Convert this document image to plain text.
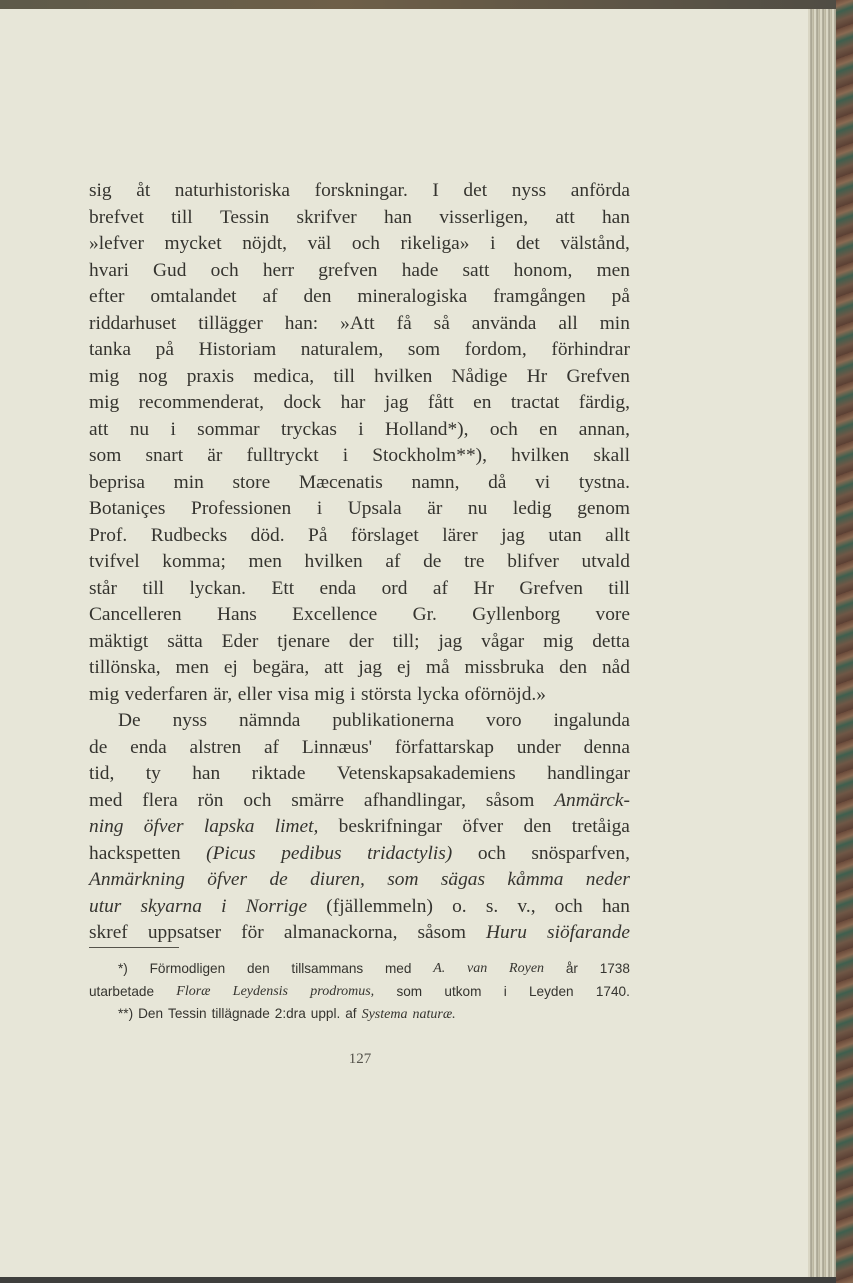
sig åt naturhistoriska forskningar. I det nyss anförda
brefvet till Tessin skrifver han visserligen, att han
»lefver mycket nöjdt, väl och rikeliga» i det välstånd,
hvari Gud och herr grefven hade satt honom, men
efter omtalandet af den mineralogiska framgången på
riddarhuset tillägger han: »Att få så använda all min
tanka på Historiam naturalem, som fordom, förhindrar
mig nog praxis medica, till hvilken Nådige Hr Grefven
mig recommenderat, dock har jag fått en tractat färdig,
att nu i sommar tryckas i Holland*), och en annan,
som snart är fulltryckt i Stockholm**), hvilken skall
beprisa min store Mæcenatis namn, då vi tystna.
Botaniçes Professionen i Upsala är nu ledig genom
Prof. Rudbecks död. På förslaget lärer jag utan allt
tvifvel komma; men hvilken af de tre blifver utvald
står till lyckan. Ett enda ord af Hr Grefven till
Cancelleren Hans Excellence Gr. Gyllenborg vore
mäktigt sätta Eder tjenare der till; jag vågar mig detta
tillönska, men ej begära, att jag ej må missbruka den nåd
mig vederfaren är, eller visa mig i största lycka oförnöjd.»
De nyss nämnda publikationerna voro ingalunda
de enda alstren af Linnæus' författarskap under denna
tid, ty han riktade Vetenskapsakademiens handlingar
med flera rön och smärre afhandlingar, såsom Anmärck-
ning öfver lapska limet, beskrifningar öfver den tretåiga
hackspetten (Picus pedibus tridactylis) och snösparfven,
Anmärkning öfver de diuren, som sägas kåmma neder
utur skyarna i Norrige (fjällemmeln) o. s. v., och han
skref uppsatser för almanackorna, såsom Huru siöfarande
*) Förmodligen den tillsammans med A. van Royen år 1738
utarbetade Floræ Leydensis prodromus, som utkom i Leyden 1740.
**) Den Tessin tillägnade 2:dra uppl. af Systema naturæ.
127
